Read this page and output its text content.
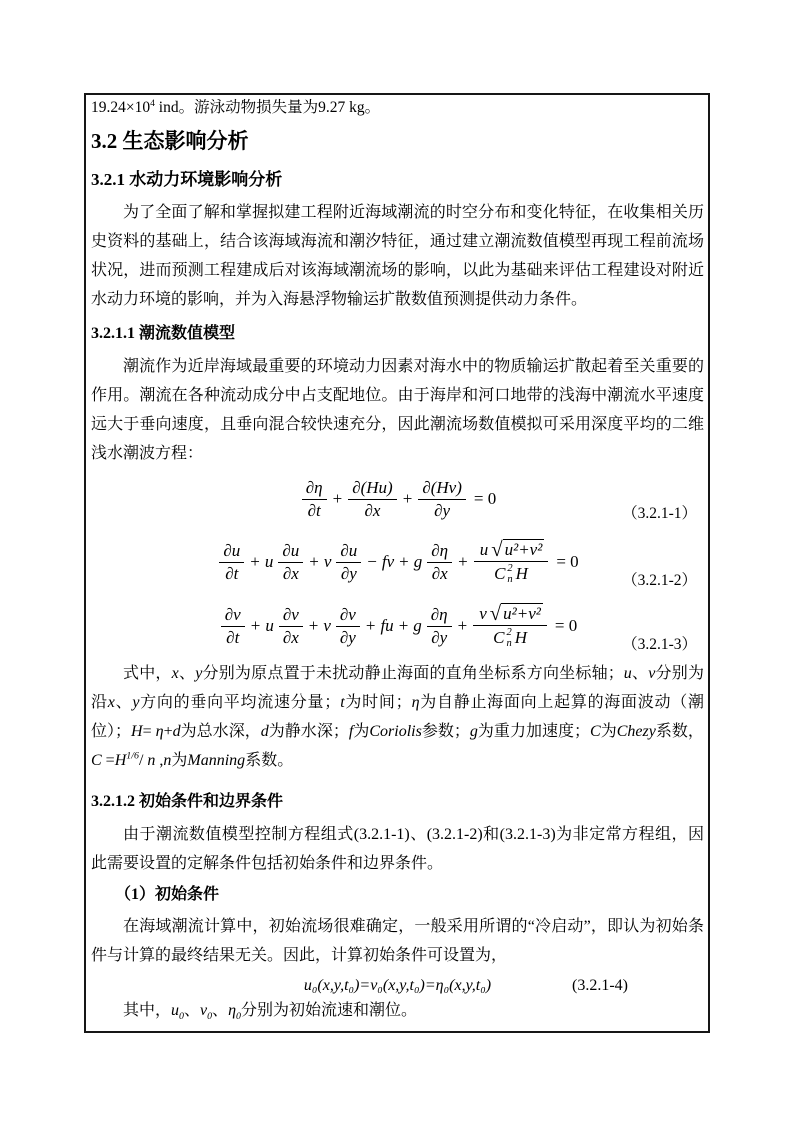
$19.24\times 10^4$ ind。游泳动物损失量为9.27 kg。

3.2 生态影响分析
3.2.1 水动力环境影响分析

为了全面了解和掌握拟建工程附近海域潮流的时空分布和变化特征，在收集相关历史资料的基础上，结合该海域海流和潮汐特征，通过建立潮流数值模型再现工程前流场状况，进而预测工程建成后对该海域潮流场的影响，以此为基础来评估工程建设对附近水动力环境的影响，并为入海悬浮物输运扩散数值预测提供动力条件。

3.2.1.1 潮流数值模型

潮流作为近岸海域最重要的环境动力因素对海水中的物质输运扩散起着至关重要的作用。潮流在各种流动成分中占支配地位。由于海岸和河口地带的浅海中潮流水平速度远大于垂向速度，且垂向混合较快速充分，因此潮流场数值模拟可采用深度平均的二维浅水潮波方程：

$\frac{\partial\eta}{\partial t} + \frac{\partial(Hu)}{\partial x} + \frac{\partial(Hv)}{\partial y} = 0$
（3.2.1-1）
$\frac{\partial u}{\partial t} + u \frac{\partial u}{\partial x} + v \frac{\partial u}{\partial y}$ − fv + g $\frac{\partial\eta}{\partial x}$ +
u √ u²+v²
C 2
n H
= 0
（3.2.1-2）
$\frac{\partial v}{\partial t} + u \frac{\partial v}{\partial x} + v \frac{\partial v}{\partial y}$ + fu + g $\frac{\partial\eta}{\partial y}$ +
v √ u²+v²
C 2
n H
= 0
（3.2.1-3）

式中，x、y分别为原点置于未扰动静止海面的直角坐标系方向坐标轴；u、v分别为沿x、y方向的垂向平均流速分量；t为时间；η为自静止海面向上起算的海面波动（潮位）；H= η+d为总水深，d为静水深；f为Coriolis参数；g为重力加速度；C为Chezy系数，$C =H^{1/6}/$ n ,n为Manning系数。

3.2.1.2 初始条件和边界条件

由于潮流数值模型控制方程组式(3.2.1-1)、(3.2.1-2)和(3.2.1-3)为非定常方程组，因此需要设置的定解条件包括初始条件和边界条件。

（1）初始条件

在海域潮流计算中，初始流场很难确定，一般采用所谓的“冷启动”，即认为初始条件与计算的最终结果无关。因此，计算初始条件可设置为，

u₀(x,y,t₀)=v₀(x,y,t₀)=η₀(x,y,t₀)	(3.2.1-4)

其中，$u_0$、$v_0$、$\eta_0$分别为初始流速和潮位。
